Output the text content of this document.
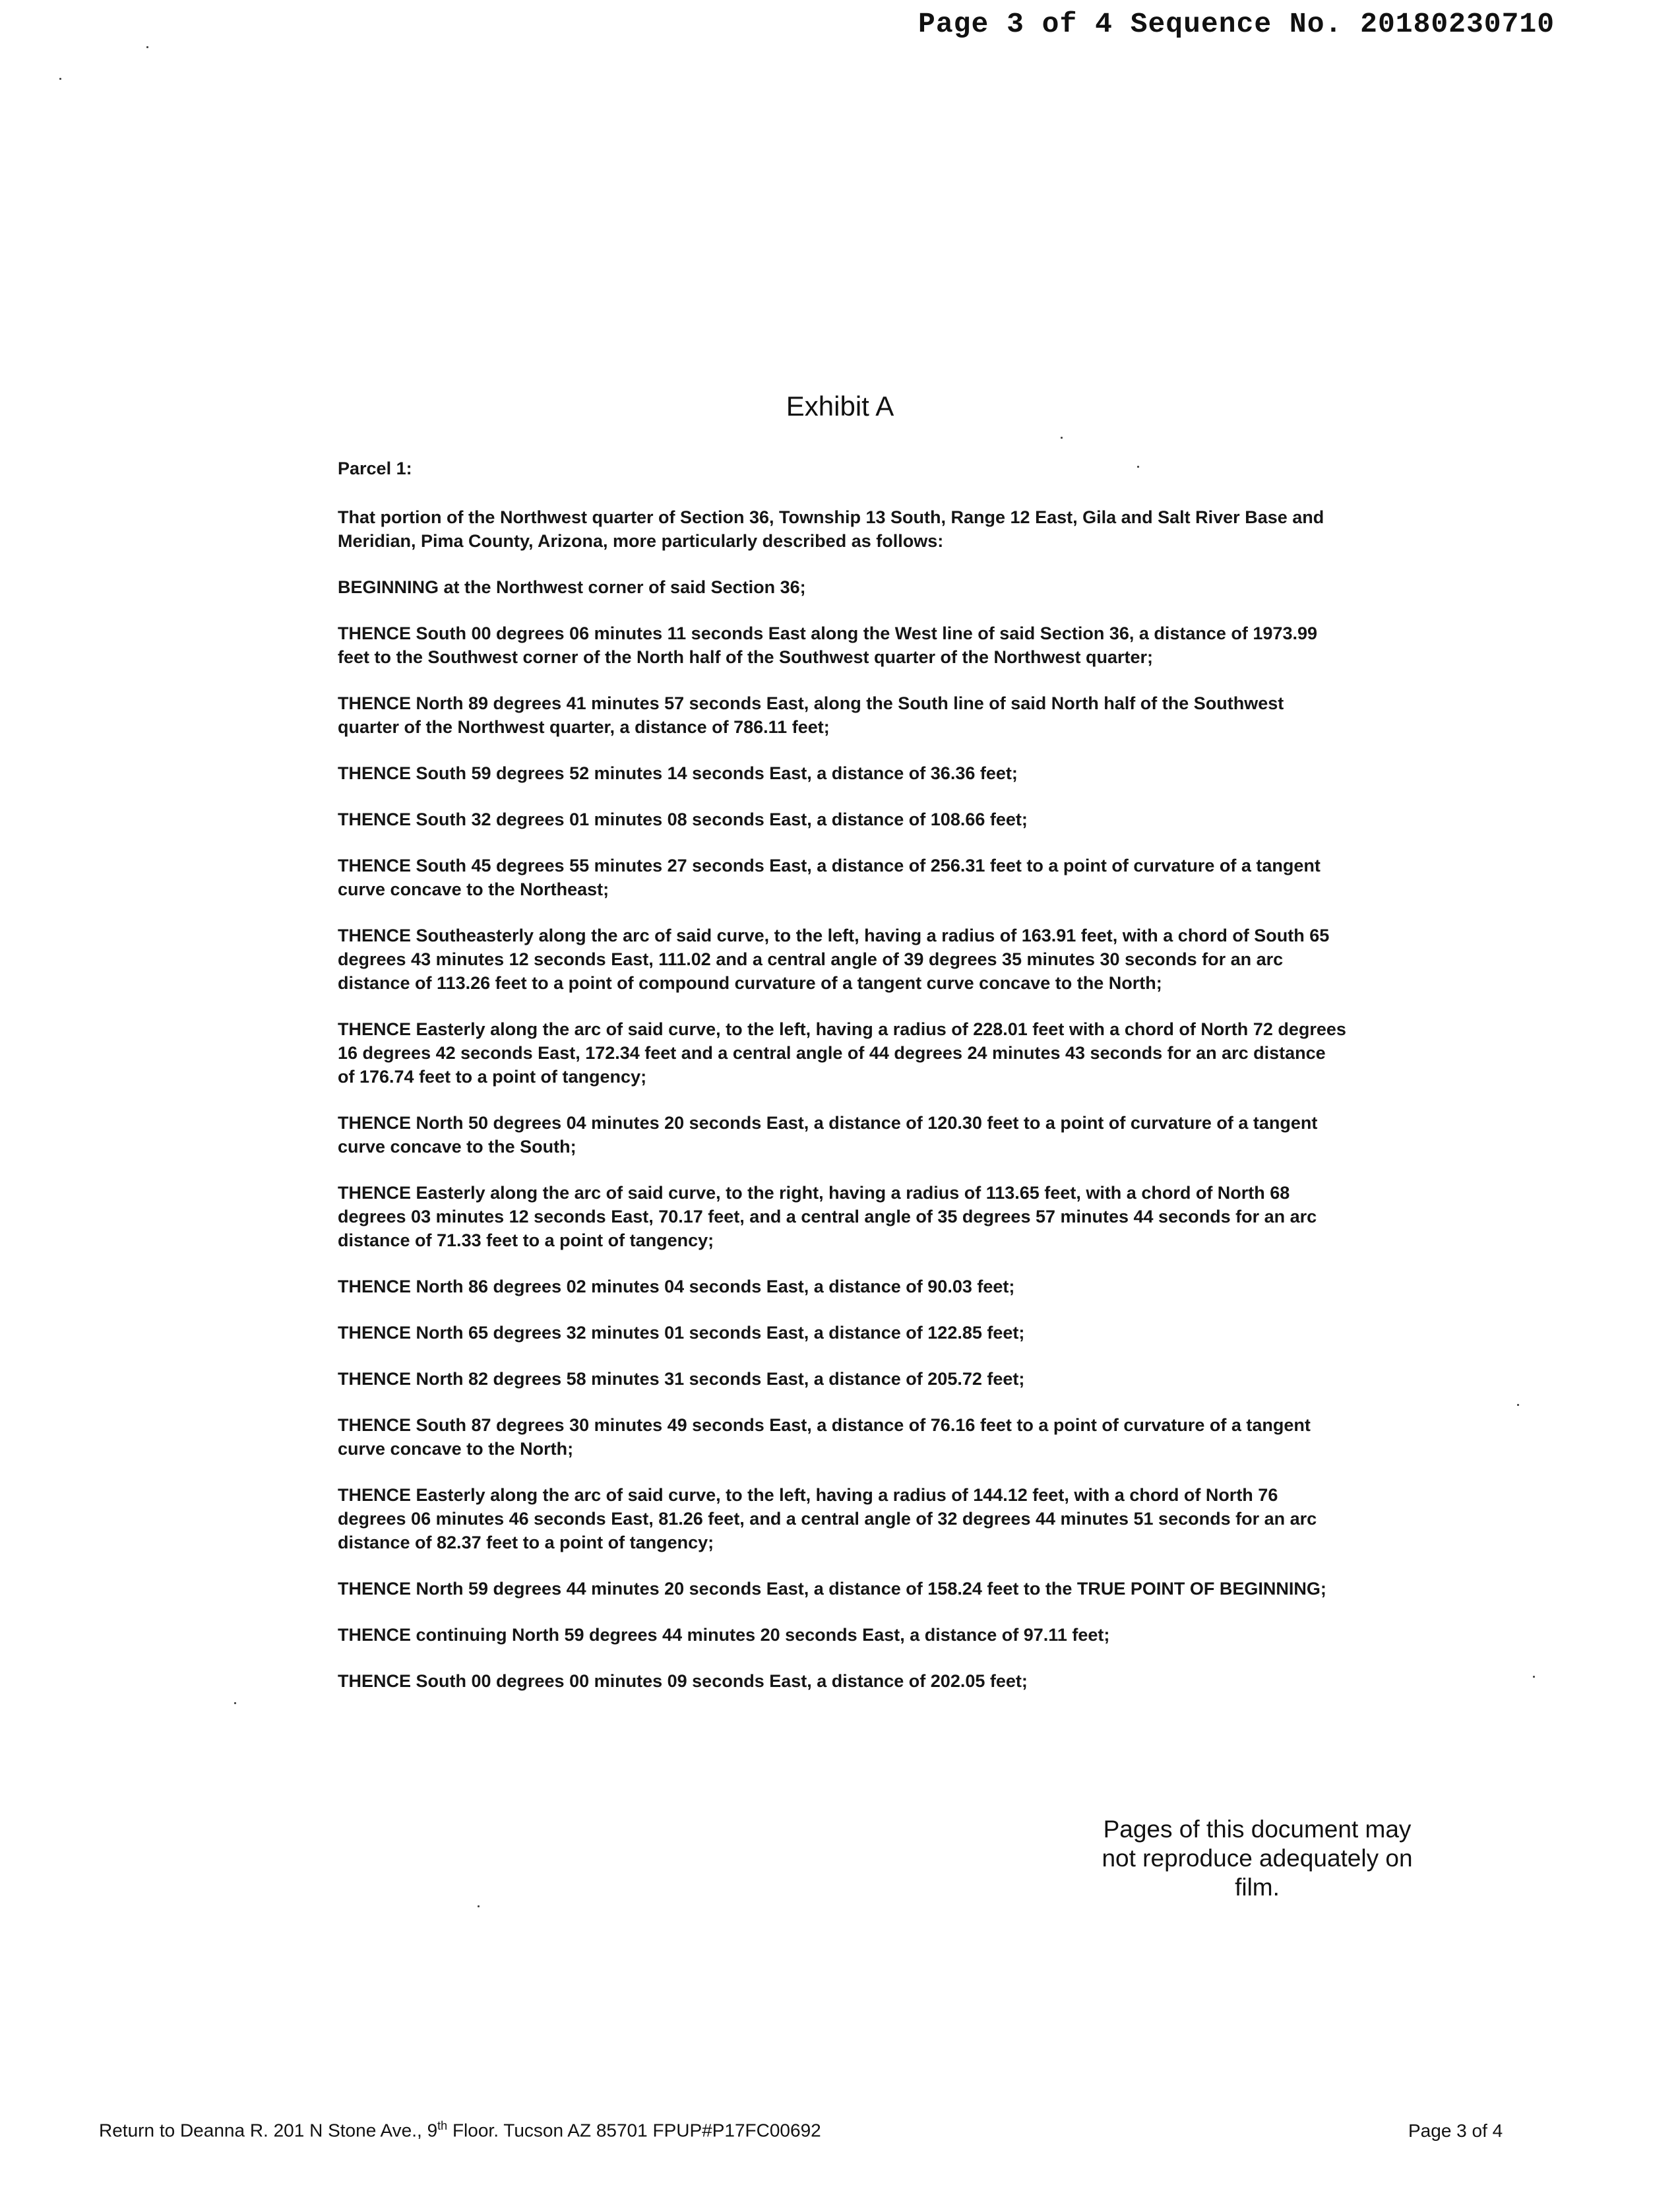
Page 3 of 4 Sequence No. 20180230710
Exhibit A
Parcel 1:
That portion of the Northwest quarter of Section 36, Township 13 South, Range 12 East, Gila and Salt River Base and Meridian, Pima County, Arizona, more particularly described as follows:
BEGINNING at the Northwest corner of said Section 36;
THENCE South 00 degrees 06 minutes 11 seconds East along the West line of said Section 36, a distance of 1973.99 feet to the Southwest corner of the North half of the Southwest quarter of the Northwest quarter;
THENCE North 89 degrees 41 minutes 57 seconds East, along the South line of said North half of the Southwest quarter of the Northwest quarter, a distance of 786.11 feet;
THENCE South 59 degrees 52 minutes 14 seconds East, a distance of 36.36 feet;
THENCE South 32 degrees 01 minutes 08 seconds East, a distance of 108.66 feet;
THENCE South 45 degrees 55 minutes 27 seconds East, a distance of 256.31 feet to a point of curvature of a tangent curve concave to the Northeast;
THENCE Southeasterly along the arc of said curve, to the left, having a radius of 163.91 feet, with a chord of South 65 degrees 43 minutes 12 seconds East, 111.02 and a central angle of 39 degrees 35 minutes 30 seconds for an arc distance of 113.26 feet to a point of compound curvature of a tangent curve concave to the North;
THENCE Easterly along the arc of said curve, to the left, having a radius of 228.01 feet with a chord of North 72 degrees 16 degrees 42 seconds East, 172.34 feet and a central angle of 44 degrees 24 minutes 43 seconds for an arc distance of 176.74 feet to a point of tangency;
THENCE North 50 degrees 04 minutes 20 seconds East, a distance of 120.30 feet to a point of curvature of a tangent curve concave to the South;
THENCE Easterly along the arc of said curve, to the right, having a radius of 113.65 feet, with a chord of North 68 degrees 03 minutes 12 seconds East, 70.17 feet, and a central angle of 35 degrees 57 minutes 44 seconds for an arc distance of 71.33 feet to a point of tangency;
THENCE North 86 degrees 02 minutes 04 seconds East, a distance of 90.03 feet;
THENCE North 65 degrees 32 minutes 01 seconds East, a distance of 122.85 feet;
THENCE North 82 degrees 58 minutes 31 seconds East, a distance of 205.72 feet;
THENCE South 87 degrees 30 minutes 49 seconds East, a distance of 76.16 feet to a point of curvature of a tangent curve concave to the North;
THENCE Easterly along the arc of said curve, to the left, having a radius of 144.12 feet, with a chord of North 76 degrees 06 minutes 46 seconds East, 81.26 feet, and a central angle of 32 degrees 44 minutes 51 seconds for an arc distance of 82.37 feet to a point of tangency;
THENCE North 59 degrees 44 minutes 20 seconds East, a distance of 158.24 feet to the TRUE POINT OF BEGINNING;
THENCE continuing North 59 degrees 44 minutes 20 seconds East, a distance of 97.11 feet;
THENCE South 00 degrees 00 minutes 09 seconds East, a distance of 202.05 feet;
Pages of this document may
not reproduce adequately on
film.
Return to Deanna R. 201 N Stone Ave., 9th Floor. Tucson AZ 85701 FPUP#P17FC00692	Page 3 of 4
